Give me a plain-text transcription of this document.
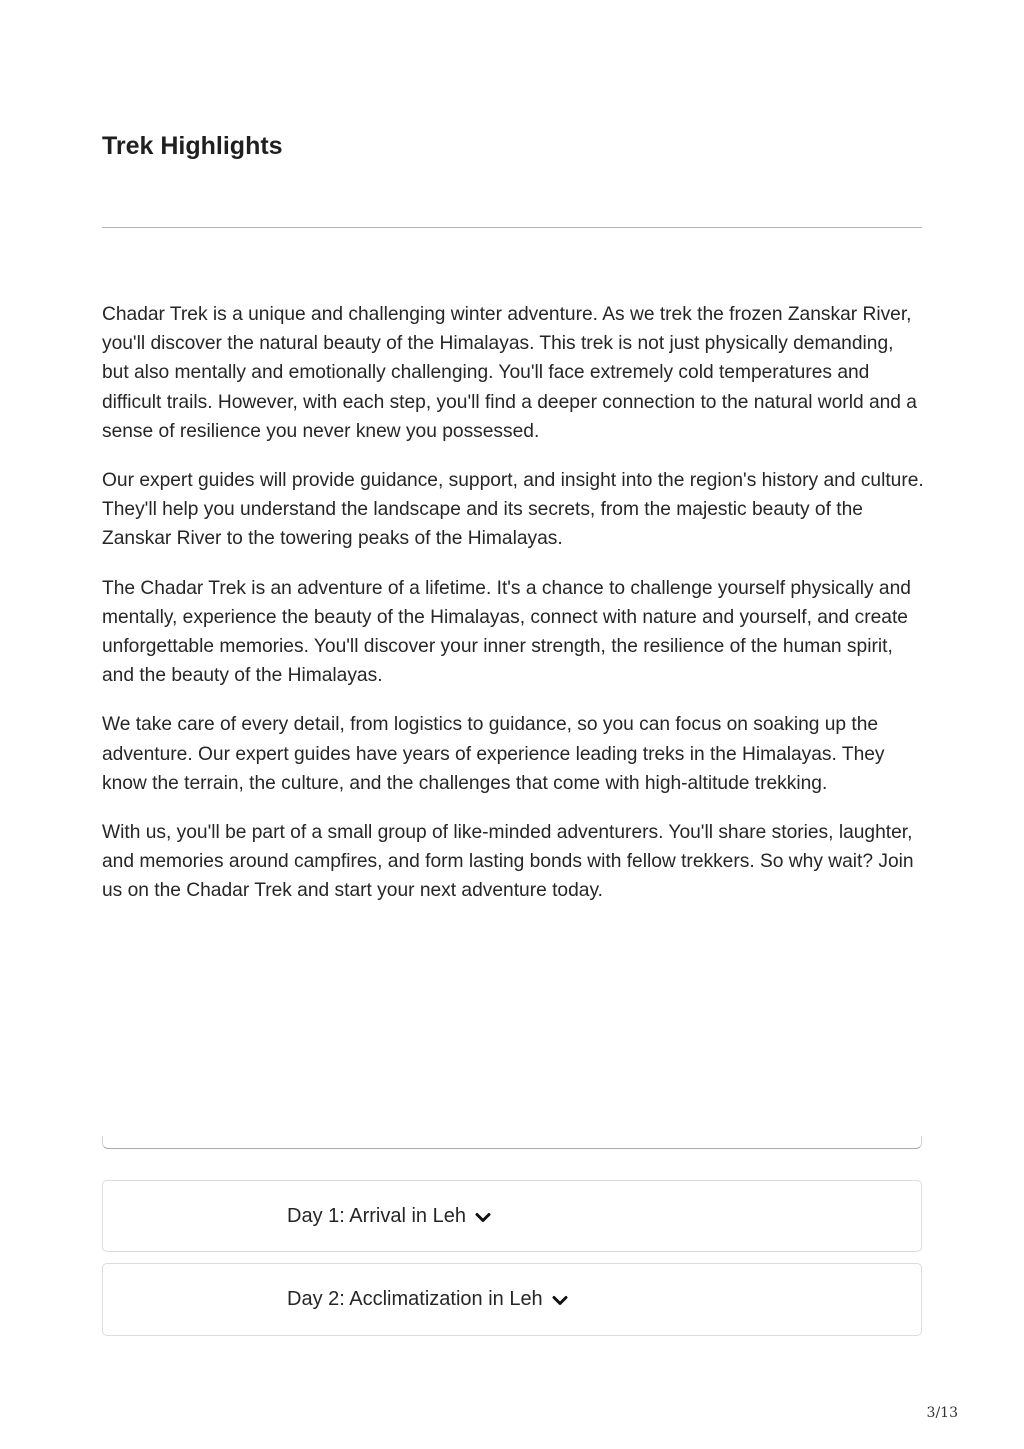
Trek Highlights

Chadar Trek is a unique and challenging winter adventure. As we trek the frozen Zanskar River, you'll discover the natural beauty of the Himalayas. This trek is not just physically demanding, but also mentally and emotionally challenging. You'll face extremely cold temperatures and difficult trails. However, with each step, you'll find a deeper connection to the natural world and a sense of resilience you never knew you possessed.

Our expert guides will provide guidance, support, and insight into the region's history and culture. They'll help you understand the landscape and its secrets, from the majestic beauty of the Zanskar River to the towering peaks of the Himalayas.

The Chadar Trek is an adventure of a lifetime. It's a chance to challenge yourself physically and mentally, experience the beauty of the Himalayas, connect with nature and yourself, and create unforgettable memories. You'll discover your inner strength, the resilience of the human spirit, and the beauty of the Himalayas.

We take care of every detail, from logistics to guidance, so you can focus on soaking up the adventure. Our expert guides have years of experience leading treks in the Himalayas. They know the terrain, the culture, and the challenges that come with high-altitude trekking.

With us, you'll be part of a small group of like-minded adventurers. You'll share stories, laughter, and memories around campfires, and form lasting bonds with fellow trekkers. So why wait? Join us on the Chadar Trek and start your next adventure today.

Day 1: Arrival in Leh
Day 2: Acclimatization in Leh
3/13
